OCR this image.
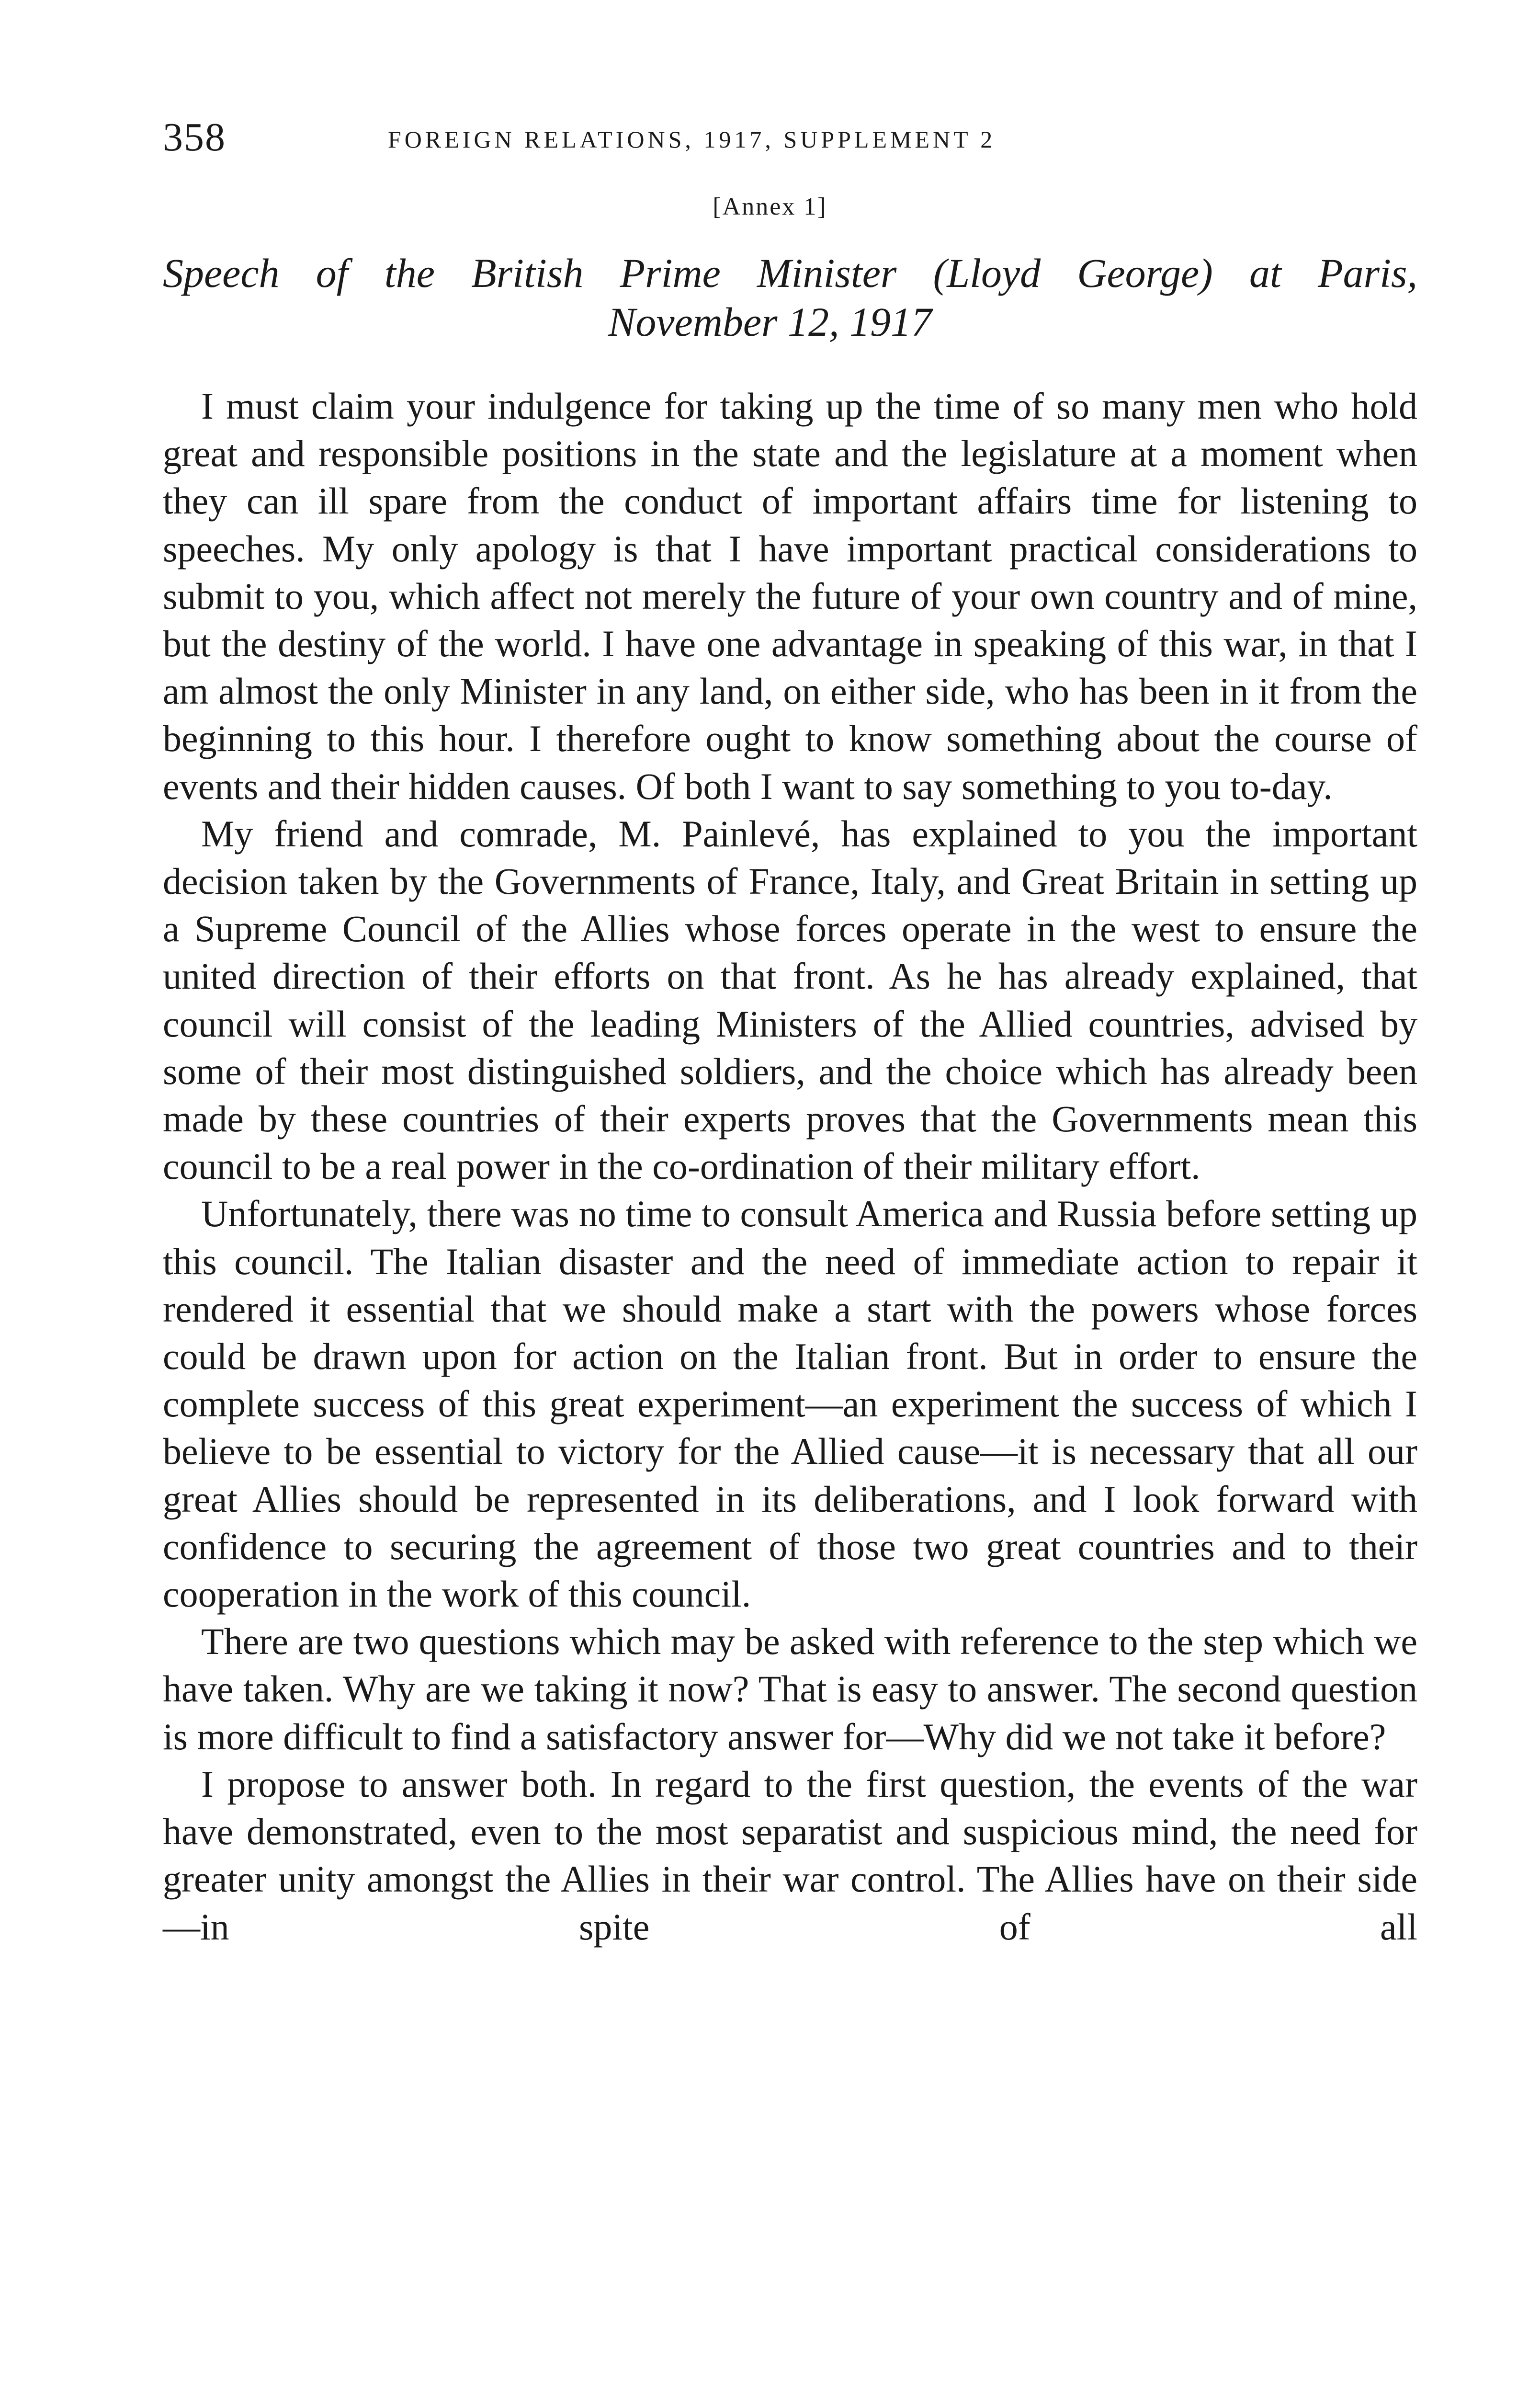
358	FOREIGN RELATIONS, 1917, SUPPLEMENT 2
[Annex 1]
Speech of the British Prime Minister (Lloyd George) at Paris,
November 12, 1917

I must claim your indulgence for taking up the time of so many men who hold great and responsible positions in the state and the legislature at a moment when they can ill spare from the conduct of important affairs time for listening to speeches. My only apology is that I have important practical considerations to submit to you, which affect not merely the future of your own country and of mine, but the destiny of the world. I have one advantage in speaking of this war, in that I am almost the only Minister in any land, on either side, who has been in it from the beginning to this hour. I therefore ought to know something about the course of events and their hidden causes. Of both I want to say something to you to-day.

My friend and comrade, M. Painlevé, has explained to you the important decision taken by the Governments of France, Italy, and Great Britain in setting up a Supreme Council of the Allies whose forces operate in the west to ensure the united direction of their efforts on that front. As he has already explained, that council will consist of the leading Ministers of the Allied countries, advised by some of their most distinguished soldiers, and the choice which has already been made by these countries of their experts proves that the Governments mean this council to be a real power in the co-ordination of their military effort.

Unfortunately, there was no time to consult America and Russia before setting up this council. The Italian disaster and the need of immediate action to repair it rendered it essential that we should make a start with the powers whose forces could be drawn upon for action on the Italian front. But in order to ensure the complete success of this great experiment—an experiment the success of which I believe to be essential to victory for the Allied cause—it is necessary that all our great Allies should be represented in its deliberations, and I look forward with confidence to securing the agreement of those two great countries and to their cooperation in the work of this council.

There are two questions which may be asked with reference to the step which we have taken. Why are we taking it now? That is easy to answer. The second question is more difficult to find a satisfactory answer for—Why did we not take it before?

I propose to answer both. In regard to the first question, the events of the war have demonstrated, even to the most separatist and suspicious mind, the need for greater unity amongst the Allies in their war control. The Allies have on their side—in spite of all
